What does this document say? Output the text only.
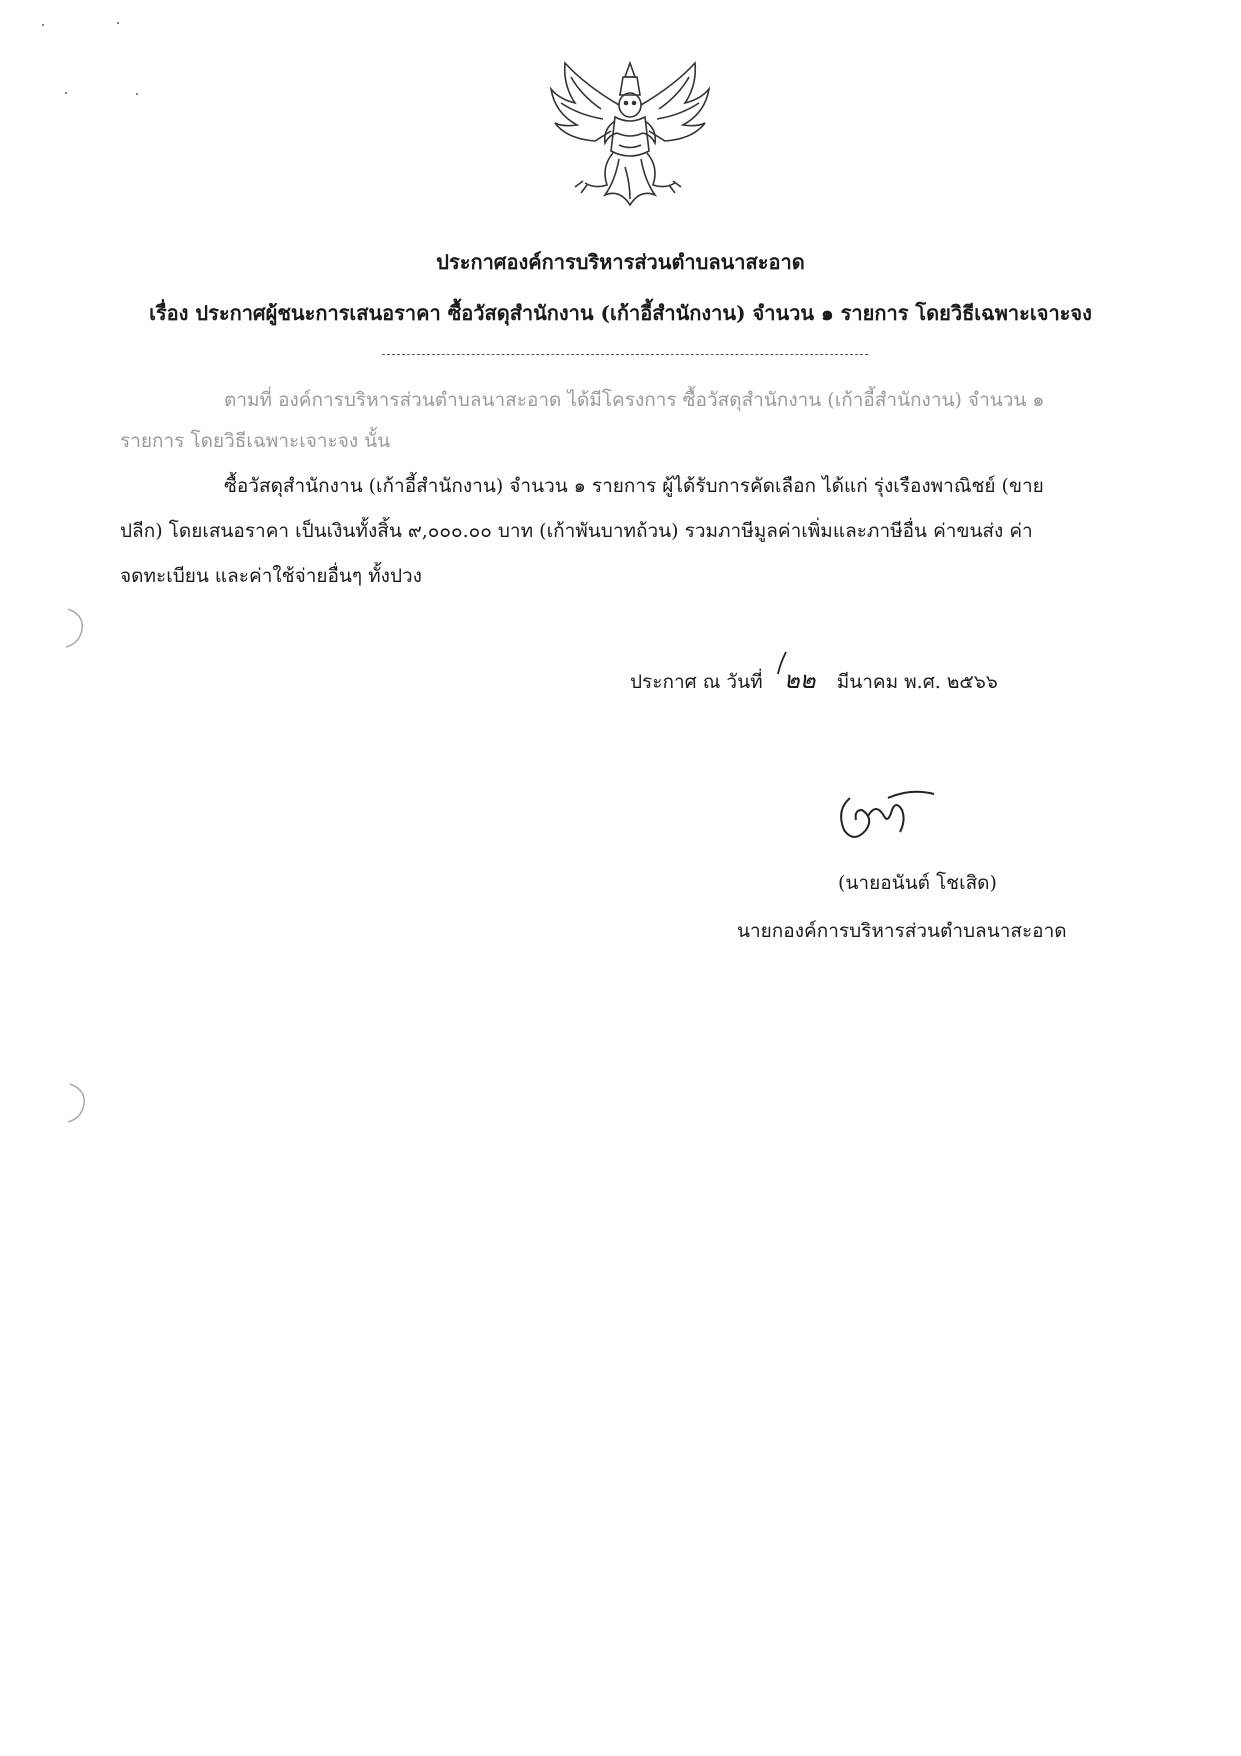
ประกาศองค์การบริหารส่วนตำบลนาสะอาด
เรื่อง ประกาศผู้ชนะการเสนอราคา ซื้อวัสดุสำนักงาน (เก้าอี้สำนักงาน) จำนวน ๑ รายการ โดยวิธีเฉพาะเจาะจง
ตามที่ องค์การบริหารส่วนตำบลนาสะอาด ได้มีโครงการ ซื้อวัสดุสำนักงาน (เก้าอี้สำนักงาน) จำนวน ๑
รายการ โดยวิธีเฉพาะเจาะจง นั้น
ซื้อวัสดุสำนักงาน (เก้าอี้สำนักงาน) จำนวน ๑ รายการ ผู้ได้รับการคัดเลือก ได้แก่ รุ่งเรืองพาณิชย์ (ขาย
ปลีก) โดยเสนอราคา เป็นเงินทั้งสิ้น ๙,๐๐๐.๐๐ บาท (เก้าพันบาทถ้วน) รวมภาษีมูลค่าเพิ่มและภาษีอื่น ค่าขนส่ง ค่า
จดทะเบียน และค่าใช้จ่ายอื่นๆ ทั้งปวง
ประกาศ ณ วันที่ ๒๒ มีนาคม พ.ศ. ๒๕๖๖
(นายอนันต์ โชเสิด)
นายกองค์การบริหารส่วนตำบลนาสะอาด
